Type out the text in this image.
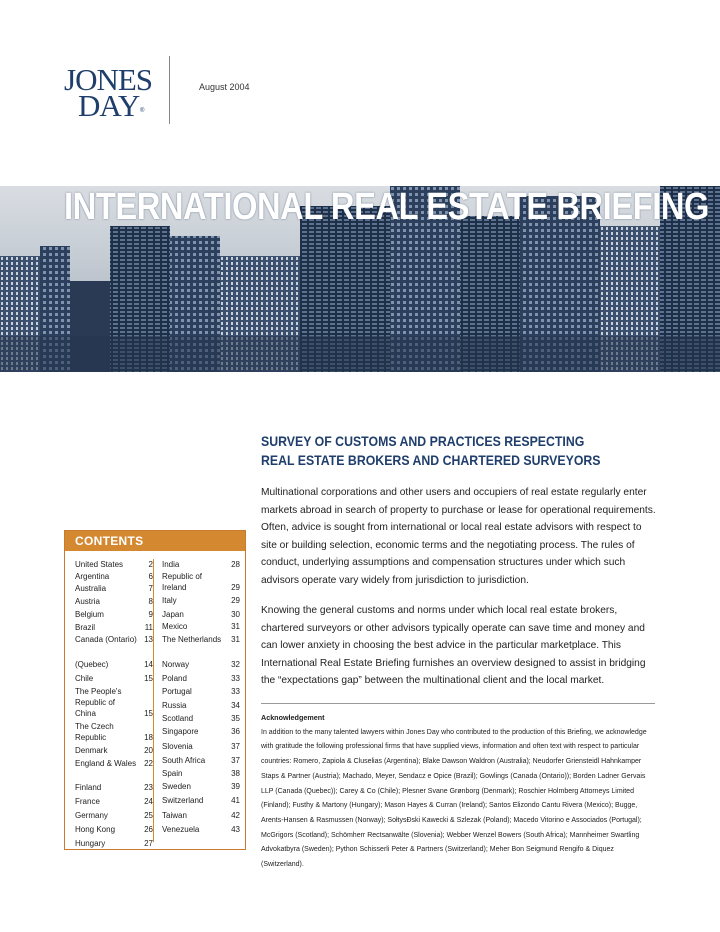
JONES
DAY ®
August 2004
INTERNATIONAL REAL ESTATE BRIEFING
SURVEY OF CUSTOMS AND PRACTICES RESPECTING
REAL ESTATE BROKERS AND CHARTERED SURVEYORS

Multinational corporations and other users and occupiers of real estate regularly enter markets abroad in search of property to purchase or lease for operational requirements. Often, advice is sought from international or local real estate advisors with respect to site or building selection, economic terms and the negotiating process. The rules of conduct, underlying assumptions and compensation structures under which such advisors operate vary widely from jurisdiction to jurisdiction.

Knowing the general customs and norms under which local real estate brokers, chartered surveyors or other advisors typically operate can save time and money and can lower anxiety in choosing the best advice in the particular marketplace. This International Real Estate Briefing furnishes an overview designed to assist in bridging the “expectations gap” between the multinational client and the local market.

Acknowledgement
In addition to the many talented lawyers within Jones Day who contributed to the production of this Briefing, we acknowledge with gratitude the following professional firms that have supplied views, information and often text with respect to particular countries: Romero, Zapiola & Cluselias (Argentina); Blake Dawson Waldron (Australia); Neudorfer Griensteidl Hahnkamper Staps & Partner (Austria); Machado, Meyer, Sendacz e Opice (Brazil); Gowlings (Canada (Ontario)); Borden Ladner Gervais LLP (Canada (Quebec)); Carey & Co (Chile); Plesner Svane Grønborg (Denmark); Roschier Holmberg Attorneys Limited (Finland); Fusthy & Martony (Hungary); Mason Hayes & Curran (Ireland); Santos Elizondo Cantu Rivera (Mexico); Bugge, Arents-Hansen & Rasmussen (Norway); SołtysÐski Kawecki & Szlezak (Poland); Macedo Vitorino e Associados (Portugal); McGrigors (Scotland); Schömherr Rectsanwälte (Slovenia); Webber Wenzel Bowers (South Africa); Mannheimer Swartling Advokatbyra (Sweden); Python Schisserli Peter & Partners (Switzerland); Meher Bon Seigmund Rengifo & Diquez (Switzerland).
CONTENTS
United States	2
Argentina	6
Australia	7
Austria	8
Belgium	9
Brazil	11
Canada (Ontario) 13
(Quebec)	14
Chile	15
The People's Republic of China	15
The Czech Republic	18
Denmark	20
England & Wales 22
Finland	23
France	24
Germany	25
Hong Kong	26
Hungary	27
India	28
Republic of Ireland	29
Italy	29
Japan	30
Mexico	31
The Netherlands	31
Norway	32
Poland	33
Portugal	33
Russia	34
Scotland	35
Singapore	36
Slovenia	37
South Africa	37
Spain	38
Sweden	39
Switzerland	41
Taiwan	42
Venezuela	43
